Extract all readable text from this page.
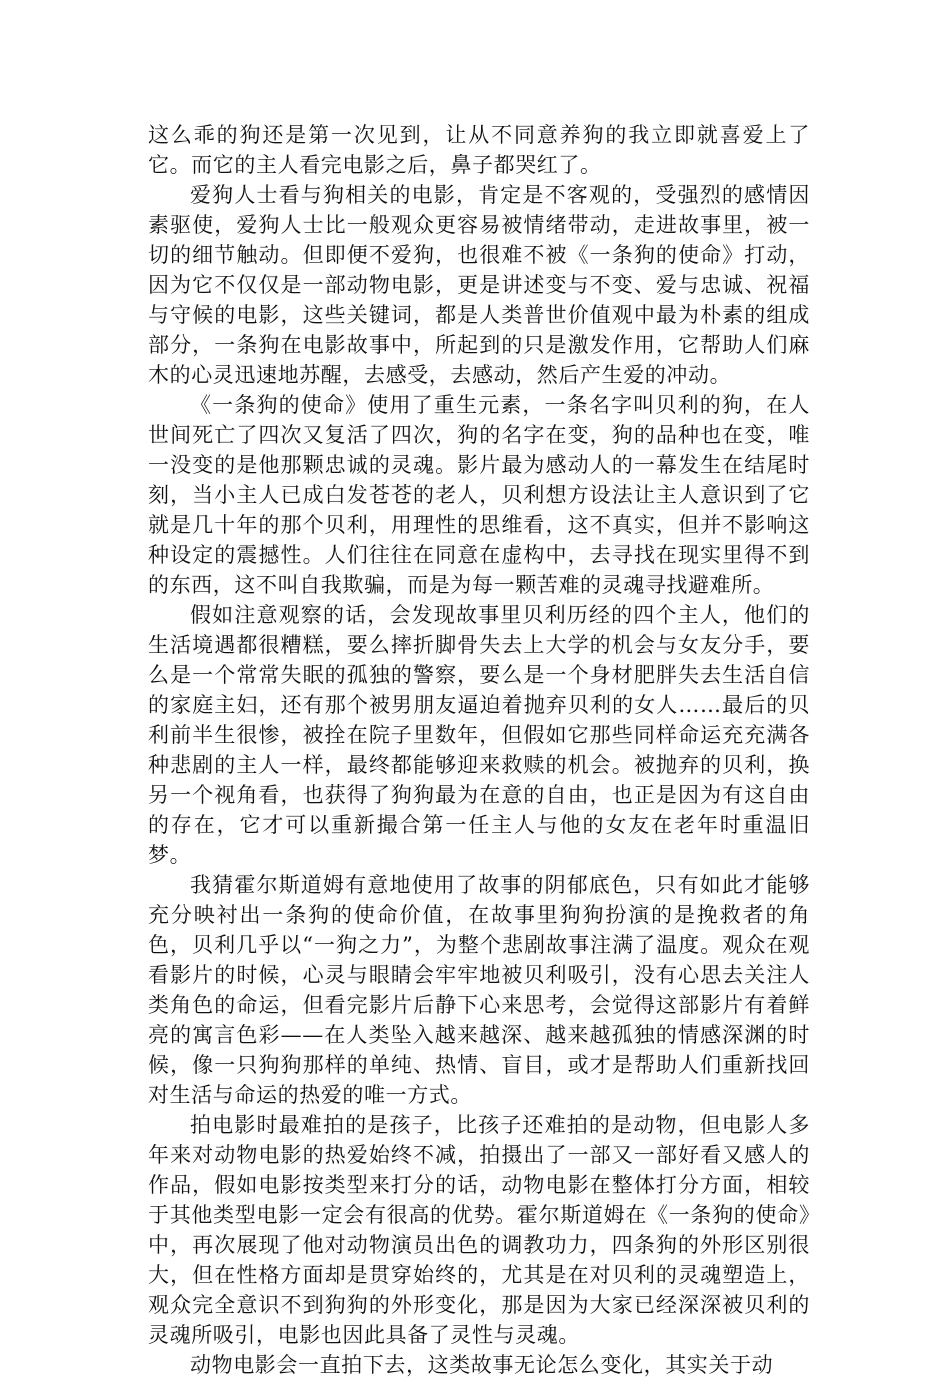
这么乖的狗还是第一次见到，让从不同意养狗的我立即就喜爱上了它。而它的主人看完电影之后，鼻子都哭红了。

爱狗人士看与狗相关的电影，肯定是不客观的，受强烈的感情因素驱使，爱狗人士比一般观众更容易被情绪带动，走进故事里，被一切的细节触动。但即便不爱狗，也很难不被《一条狗的使命》打动，因为它不仅仅是一部动物电影，更是讲述变与不变、爱与忠诚、祝福与守候的电影，这些关键词，都是人类普世价值观中最为朴素的组成部分，一条狗在电影故事中，所起到的只是激发作用，它帮助人们麻木的心灵迅速地苏醒，去感受，去感动，然后产生爱的冲动。

《一条狗的使命》使用了重生元素，一条名字叫贝利的狗，在人世间死亡了四次又复活了四次，狗的名字在变，狗的品种也在变，唯一没变的是他那颗忠诚的灵魂。影片最为感动人的一幕发生在结尾时刻，当小主人已成白发苍苍的老人，贝利想方设法让主人意识到了它就是几十年的那个贝利，用理性的思维看，这不真实，但并不影响这种设定的震撼性。人们往往在同意在虚构中，去寻找在现实里得不到的东西，这不叫自我欺骗，而是为每一颗苦难的灵魂寻找避难所。

假如注意观察的话，会发现故事里贝利历经的四个主人，他们的生活境遇都很糟糕，要么摔折脚骨失去上大学的机会与女友分手，要么是一个常常失眠的孤独的警察，要么是一个身材肥胖失去生活自信的家庭主妇，还有那个被男朋友逼迫着抛弃贝利的女人……最后的贝利前半生很惨，被拴在院子里数年，但假如它那些同样命运充充满各种悲剧的主人一样，最终都能够迎来救赎的机会。被抛弃的贝利，换另一个视角看，也获得了狗狗最为在意的自由，也正是因为有这自由的存在，它才可以重新撮合第一任主人与他的女友在老年时重温旧梦。

我猜霍尔斯道姆有意地使用了故事的阴郁底色，只有如此才能够充分映衬出一条狗的使命价值，在故事里狗狗扮演的是挽救者的角色，贝利几乎以“一狗之力”，为整个悲剧故事注满了温度。观众在观看影片的时候，心灵与眼睛会牢牢地被贝利吸引，没有心思去关注人类角色的命运，但看完影片后静下心来思考，会觉得这部影片有着鲜亮的寓言色彩——在人类坠入越来越深、越来越孤独的情感深渊的时候，像一只狗狗那样的单纯、热情、盲目，或才是帮助人们重新找回对生活与命运的热爱的唯一方式。

拍电影时最难拍的是孩子，比孩子还难拍的是动物，但电影人多年来对动物电影的热爱始终不减，拍摄出了一部又一部好看又感人的作品，假如电影按类型来打分的话，动物电影在整体打分方面，相较于其他类型电影一定会有很高的优势。霍尔斯道姆在《一条狗的使命》中，再次展现了他对动物演员出色的调教功力，四条狗的外形区别很大，但在性格方面却是贯穿始终的，尤其是在对贝利的灵魂塑造上，观众完全意识不到狗狗的外形变化，那是因为大家已经深深被贝利的灵魂所吸引，电影也因此具备了灵性与灵魂。

动物电影会一直拍下去，这类故事无论怎么变化，其实关于动
